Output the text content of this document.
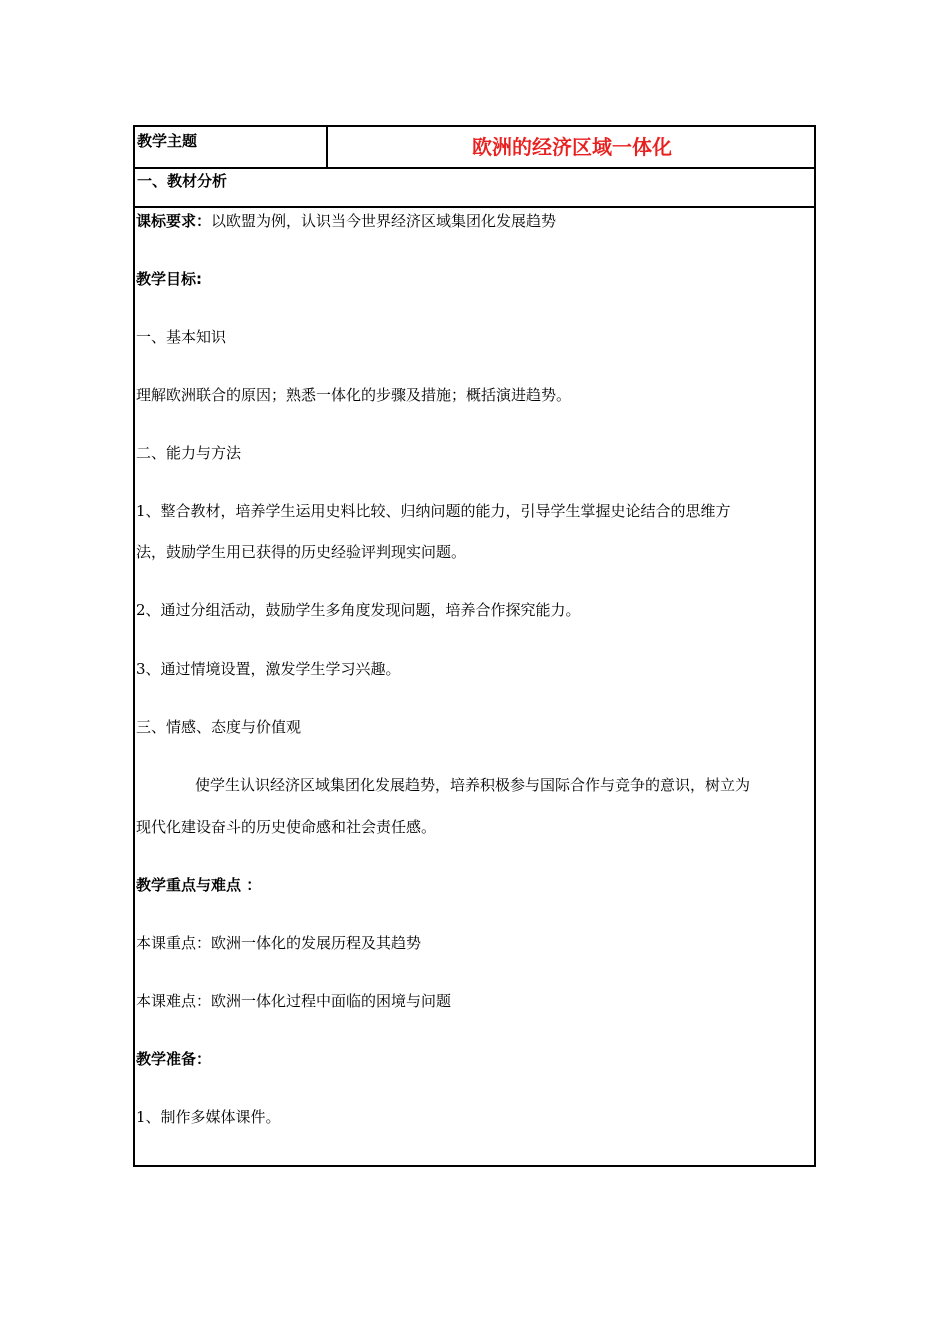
教学主题	欧洲的经济区域一体化
一、教材分析
课标要求：以欧盟为例，认识当今世界经济区域集团化发展趋势
教学目标:
一、基本知识
理解欧洲联合的原因；熟悉一体化的步骤及措施；概括演进趋势。
二、能力与方法
1、整合教材，培养学生运用史料比较、归纳问题的能力，引导学生掌握史论结合的思维方
法，鼓励学生用已获得的历史经验评判现实问题。
2、通过分组活动，鼓励学生多角度发现问题，培养合作探究能力。
3、通过情境设置，激发学生学习兴趣。
三、情感、态度与价值观
使学生认识经济区域集团化发展趋势，培养积极参与国际合作与竞争的意识，树立为
现代化建设奋斗的历史使命感和社会责任感。
教学重点与难点 ：
本课重点：欧洲一体化的发展历程及其趋势
本课难点：欧洲一体化过程中面临的困境与问题
教学准备：
1、制作多媒体课件。
